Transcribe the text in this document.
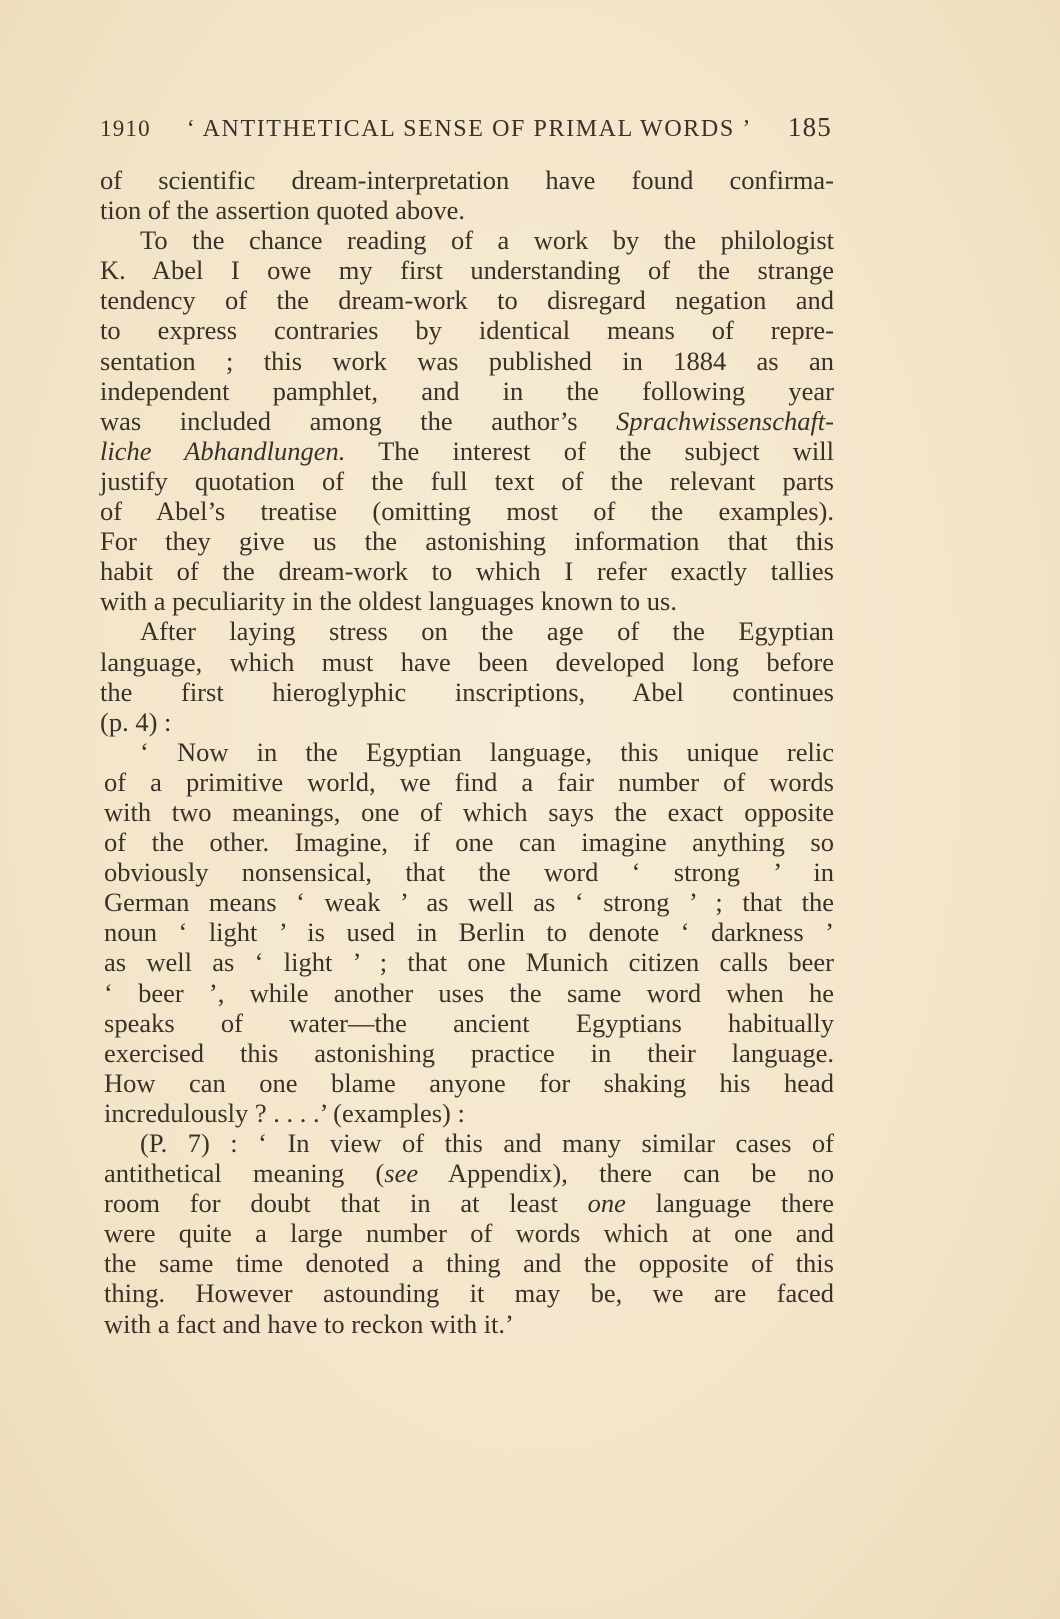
1910 ‘ ANTITHETICAL SENSE OF PRIMAL WORDS ’ 185
of scientific dream-interpretation have found confirma-
tion of the assertion quoted above.
To the chance reading of a work by the philologist
K. Abel I owe my first understanding of the strange
tendency of the dream-work to disregard negation and
to express contraries by identical means of repre-
sentation ; this work was published in 1884 as an
independent pamphlet, and in the following year
was included among the author’s Sprachwissenschaft-
liche Abhandlungen. The interest of the subject will
justify quotation of the full text of the relevant parts
of Abel’s treatise (omitting most of the examples).
For they give us the astonishing information that this
habit of the dream-work to which I refer exactly tallies
with a peculiarity in the oldest languages known to us.
After laying stress on the age of the Egyptian
language, which must have been developed long before
the first hieroglyphic inscriptions, Abel continues
(p. 4) :
‘ Now in the Egyptian language, this unique relic
of a primitive world, we find a fair number of words
with two meanings, one of which says the exact opposite
of the other. Imagine, if one can imagine anything so
obviously nonsensical, that the word ‘ strong ’ in
German means ‘ weak ’ as well as ‘ strong ’ ; that the
noun ‘ light ’ is used in Berlin to denote ‘ darkness ’
as well as ‘ light ’ ; that one Munich citizen calls beer
‘ beer ’, while another uses the same word when he
speaks of water—the ancient Egyptians habitually
exercised this astonishing practice in their language.
How can one blame anyone for shaking his head
incredulously ? . . . .’ (examples) :
(P. 7) : ‘ In view of this and many similar cases of
antithetical meaning (see Appendix), there can be no
room for doubt that in at least one language there
were quite a large number of words which at one and
the same time denoted a thing and the opposite of this
thing. However astounding it may be, we are faced
with a fact and have to reckon with it.’
